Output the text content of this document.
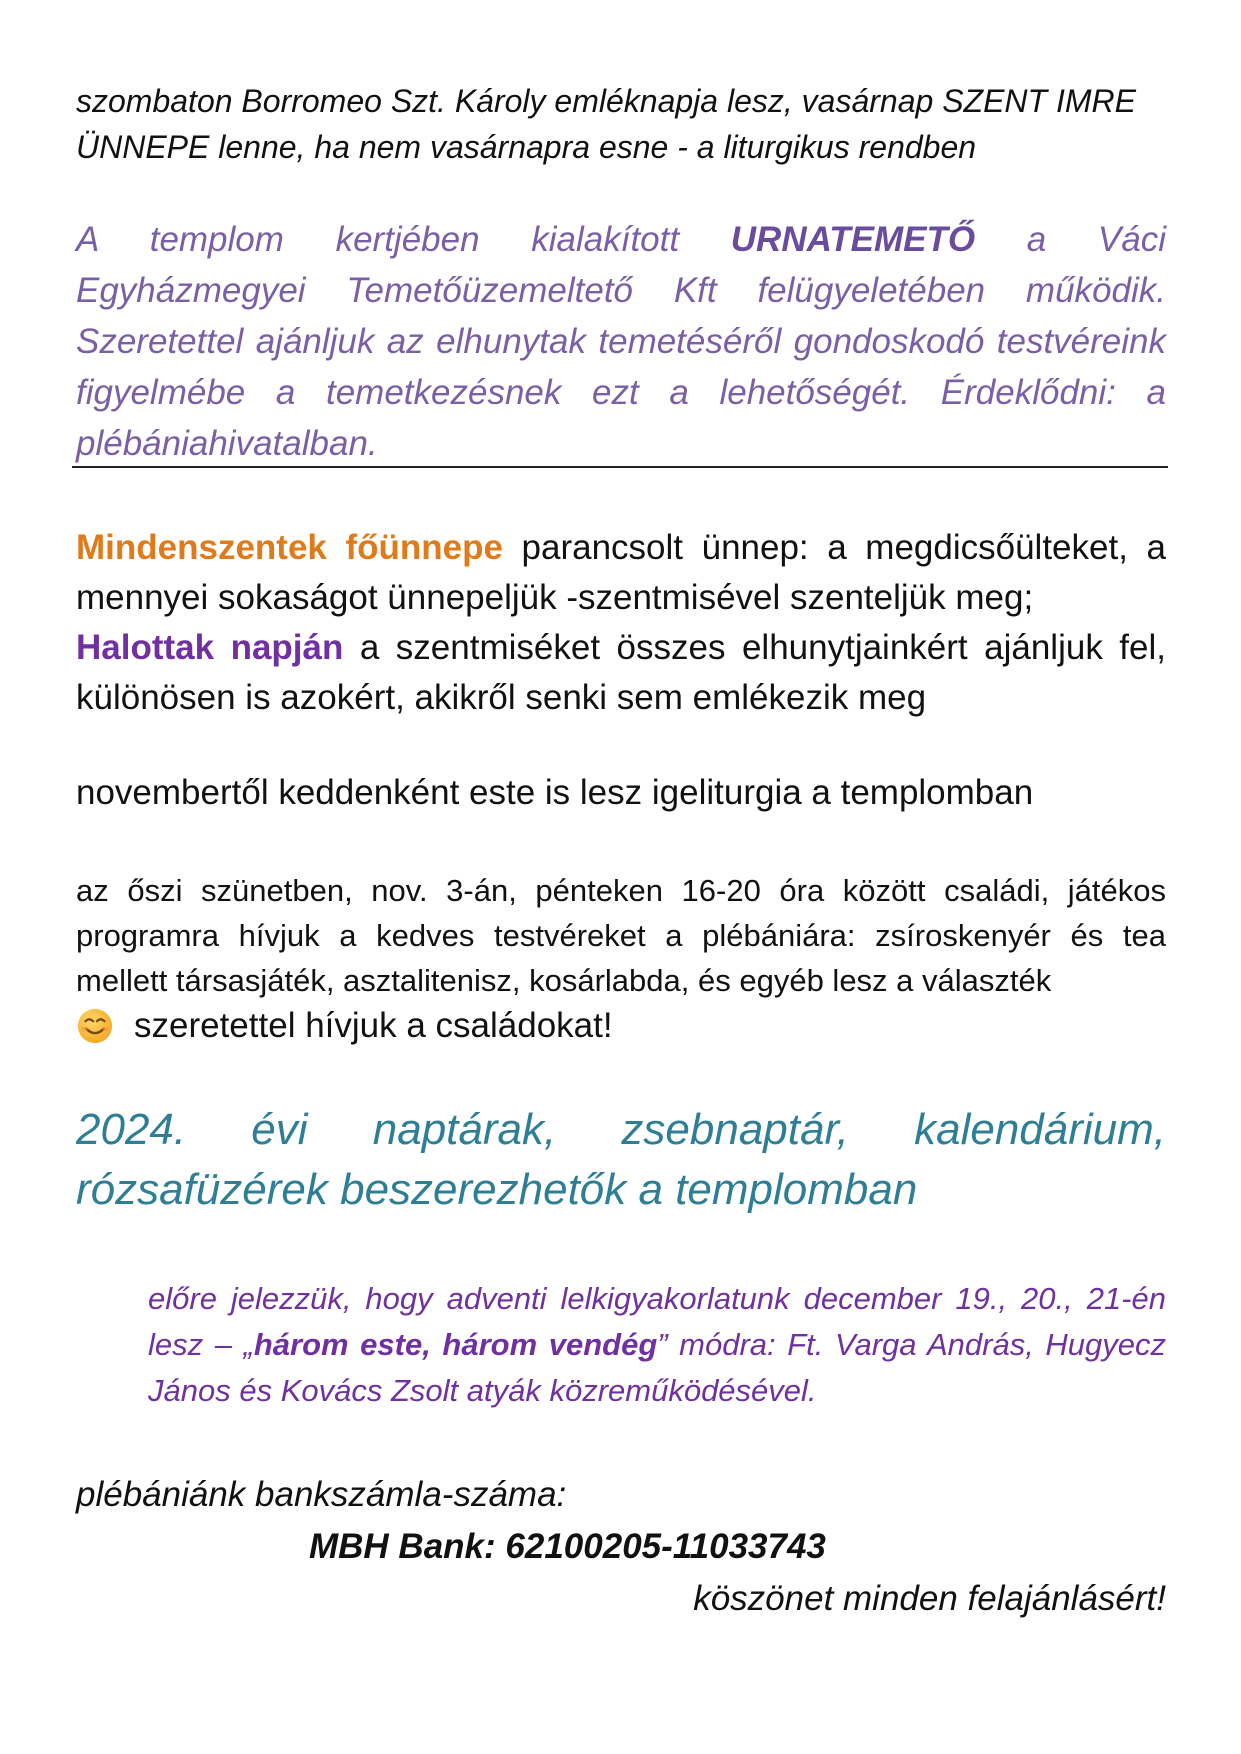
szombaton Borromeo Szt. Károly emléknapja lesz, vasárnap SZENT IMRE
ÜNNEPE lenne, ha nem vasárnapra esne - a liturgikus rendben

A templom kertjében kialakított URNATEMETŐ a Váci Egyházmegyei Temetőüzemeltető Kft felügyeletében működik. Szeretettel ajánljuk az elhunytak temetéséről gondoskodó testvéreink figyelmébe a temetkezésnek ezt a lehetőségét. Érdeklődni: a plébániahivatalban.

Mindenszentek főünnepe parancsolt ünnep: a megdicsőülteket, a mennyei sokaságot ünnepeljük -szentmisével szenteljük meg;
Halottak napján a szentmiséket összes elhunytjainkért ajánljuk fel, különösen is azokért, akikről senki sem emlékezik meg

novembertől keddenként este is lesz igeliturgia a templomban

az őszi szünetben, nov. 3-án, pénteken 16-20 óra között családi, játékos programra hívjuk a kedves testvéreket a plébániára: zsíroskenyér és tea mellett társasjáték, asztalitenisz, kosárlabda, és egyéb lesz a választék
szeretettel hívjuk a családokat!

2024. évi naptárak, zsebnaptár, kalendárium, rózsafüzérek beszerezhetők a templomban

előre jelezzük, hogy adventi lelkigyakorlatunk december 19., 20., 21-én lesz – „három este, három vendég” módra: Ft. Varga András, Hugyecz János és Kovács Zsolt atyák közreműködésével.

plébániánk bankszámla-száma:

MBH Bank: 62100205-11033743

köszönet minden felajánlásért!
